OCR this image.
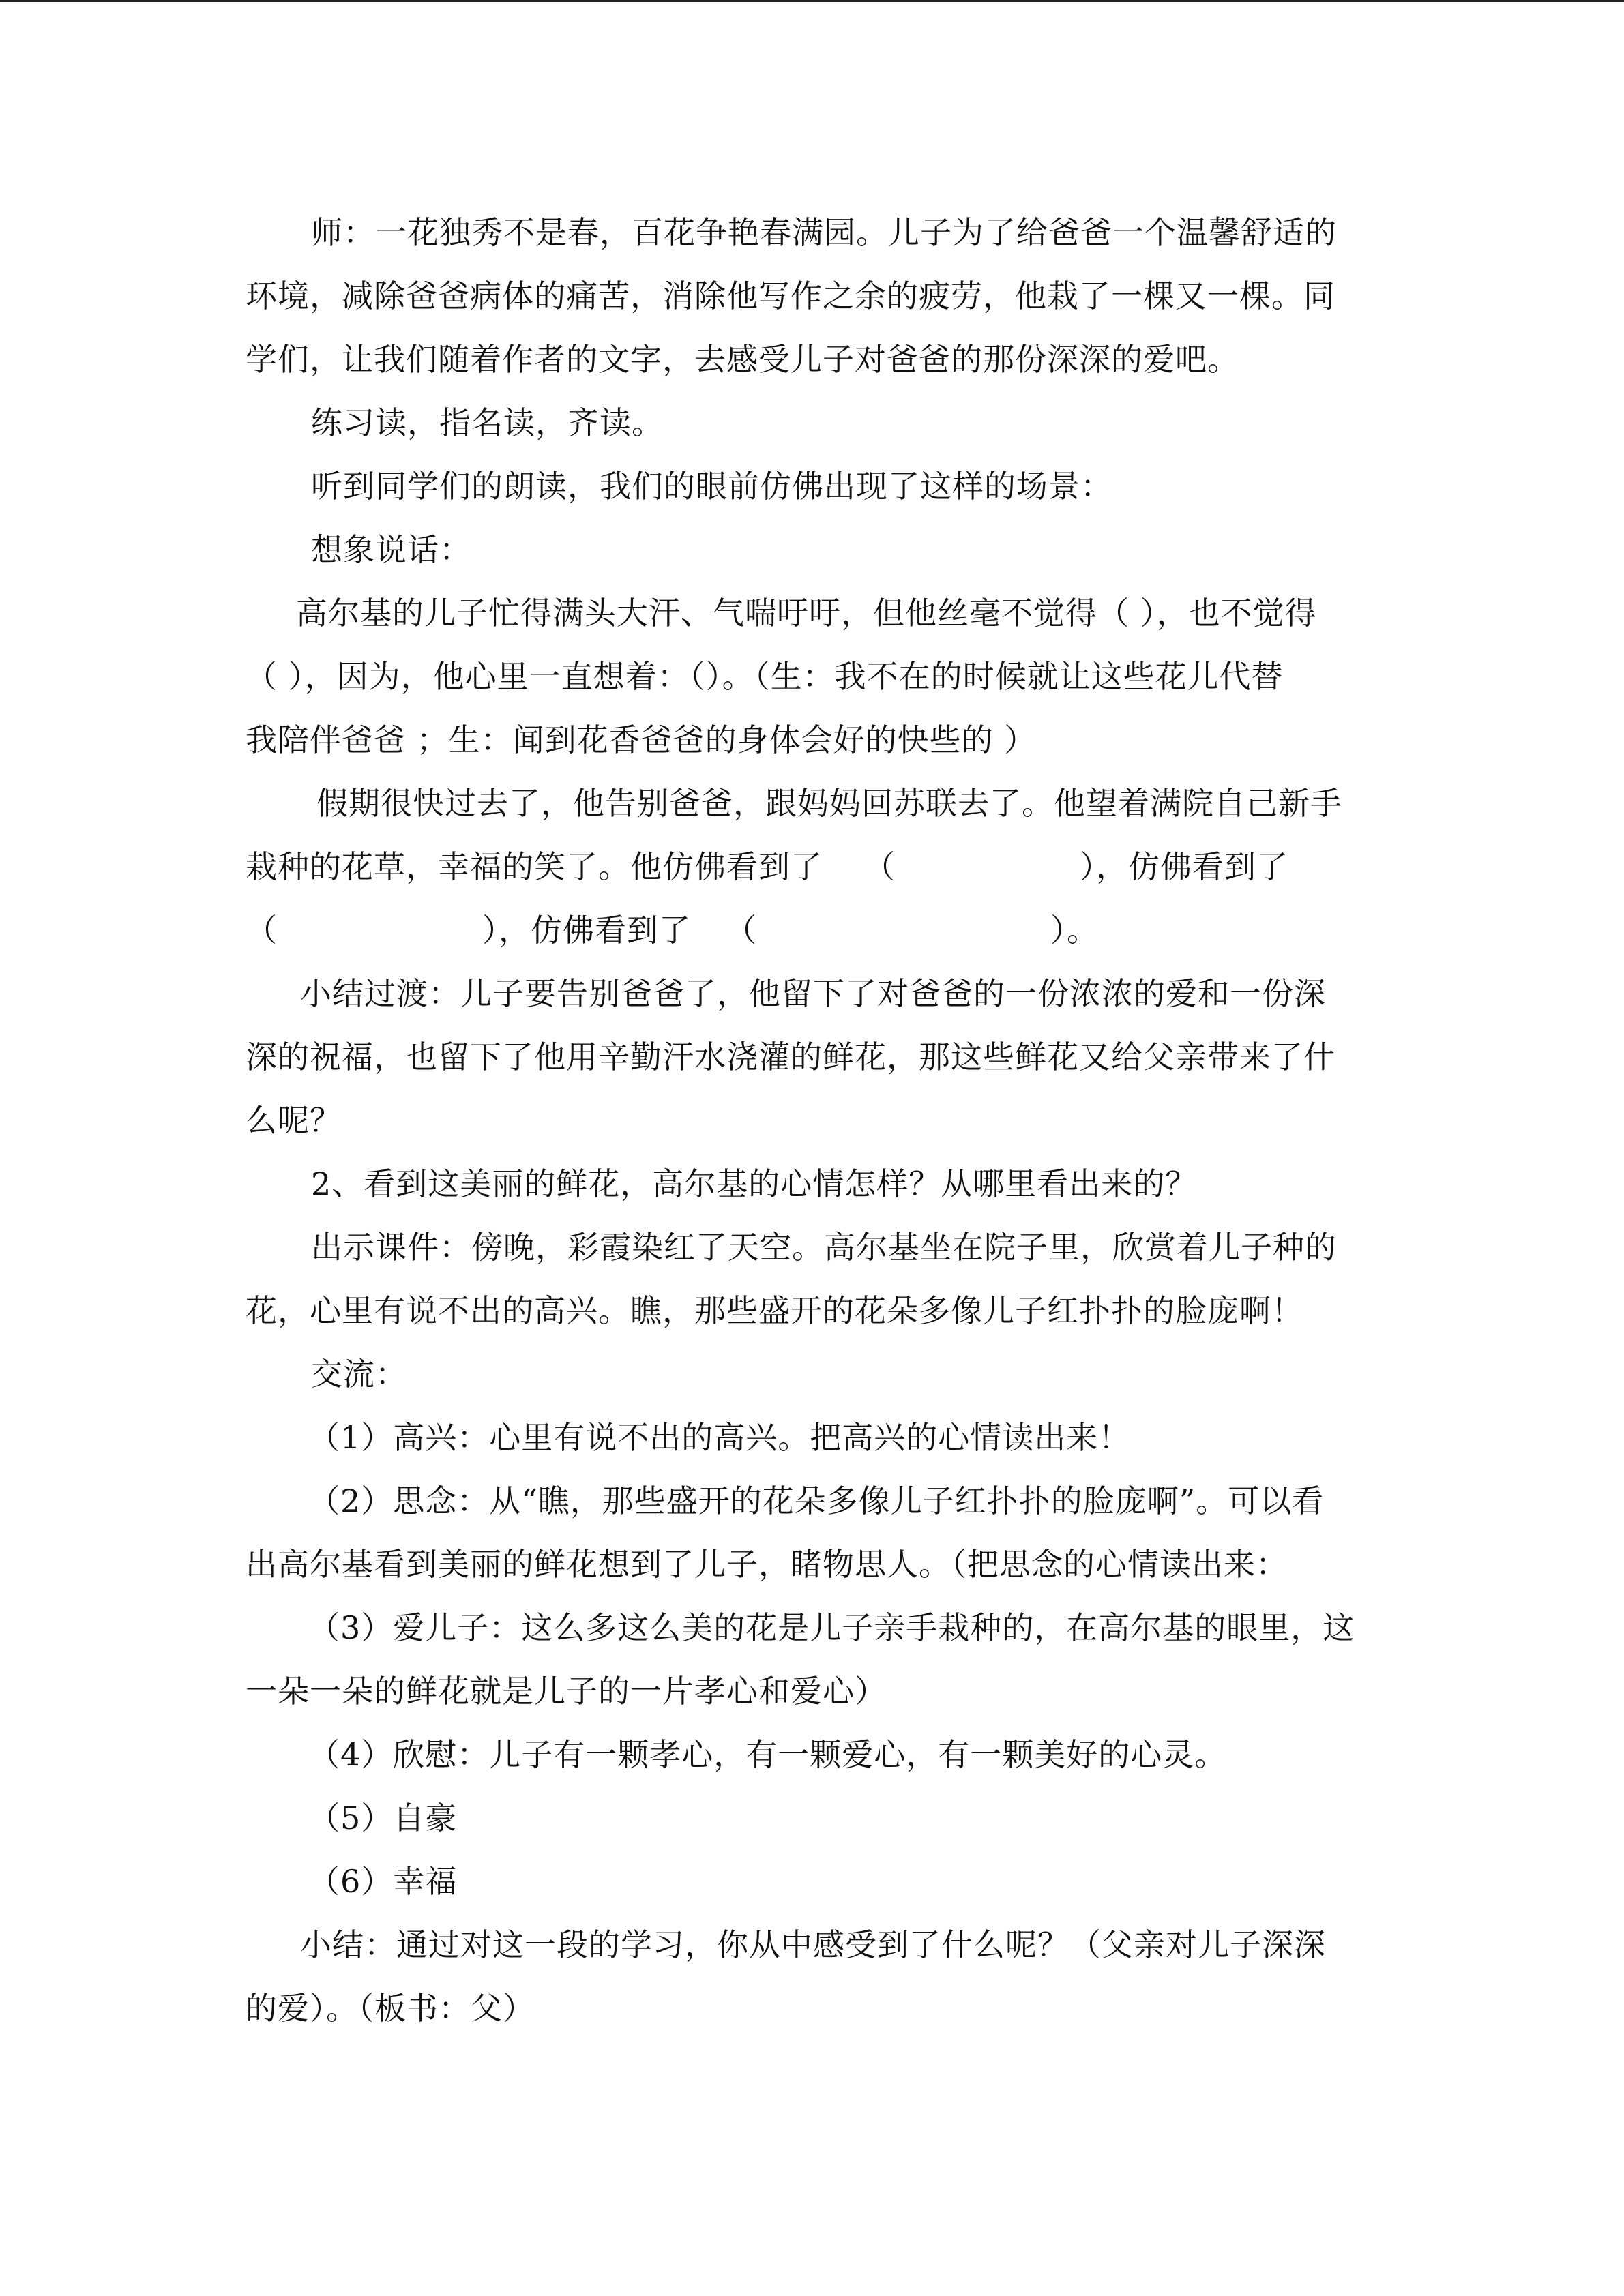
师：一花独秀不是春，百花争艳春满园。儿子为了给爸爸一个温馨舒适的

环境，减除爸爸病体的痛苦，消除他写作之余的疲劳，他栽了一棵又一棵。同

学们，让我们随着作者的文字，去感受儿子对爸爸的那份深深的爱吧。

练习读，指名读，齐读。

听到同学们的朗读，我们的眼前仿佛出现了这样的场景：

想象说话：

高尔基的儿子忙得满头大汗、气喘吁吁，但他丝毫不觉得（ ），也不觉得

（ ），因为，他心里一直想着：（）。（生：我不在的时候就让这些花儿代替

我陪伴爸爸 ；生：闻到花香爸爸的身体会好的快些的 ）

假期很快过去了，他告别爸爸，跟妈妈回苏联去了。他望着满院自己新手

栽种的花草，幸福的笑了。他仿佛看到了 （	），仿佛看到了

（	），仿佛看到了 （	）。

小结过渡：儿子要告别爸爸了，他留下了对爸爸的一份浓浓的爱和一份深

深的祝福，也留下了他用辛勤汗水浇灌的鲜花，那这些鲜花又给父亲带来了什

么呢？

2、看到这美丽的鲜花，高尔基的心情怎样？从哪里看出来的？

出示课件：傍晚，彩霞染红了天空。高尔基坐在院子里，欣赏着儿子种的

花，心里有说不出的高兴。瞧，那些盛开的花朵多像儿子红扑扑的脸庞啊！

交流：

（1）高兴：心里有说不出的高兴。把高兴的心情读出来！

（2）思念：从“瞧，那些盛开的花朵多像儿子红扑扑的脸庞啊”。可以看

出高尔基看到美丽的鲜花想到了儿子，睹物思人。（把思念的心情读出来：

（3）爱儿子：这么多这么美的花是儿子亲手栽种的，在高尔基的眼里，这

一朵一朵的鲜花就是儿子的一片孝心和爱心）

（4）欣慰：儿子有一颗孝心，有一颗爱心，有一颗美好的心灵。

（5）自豪

（6）幸福

小结：通过对这一段的学习，你从中感受到了什么呢？（父亲对儿子深深

的爱）。（板书：父）
